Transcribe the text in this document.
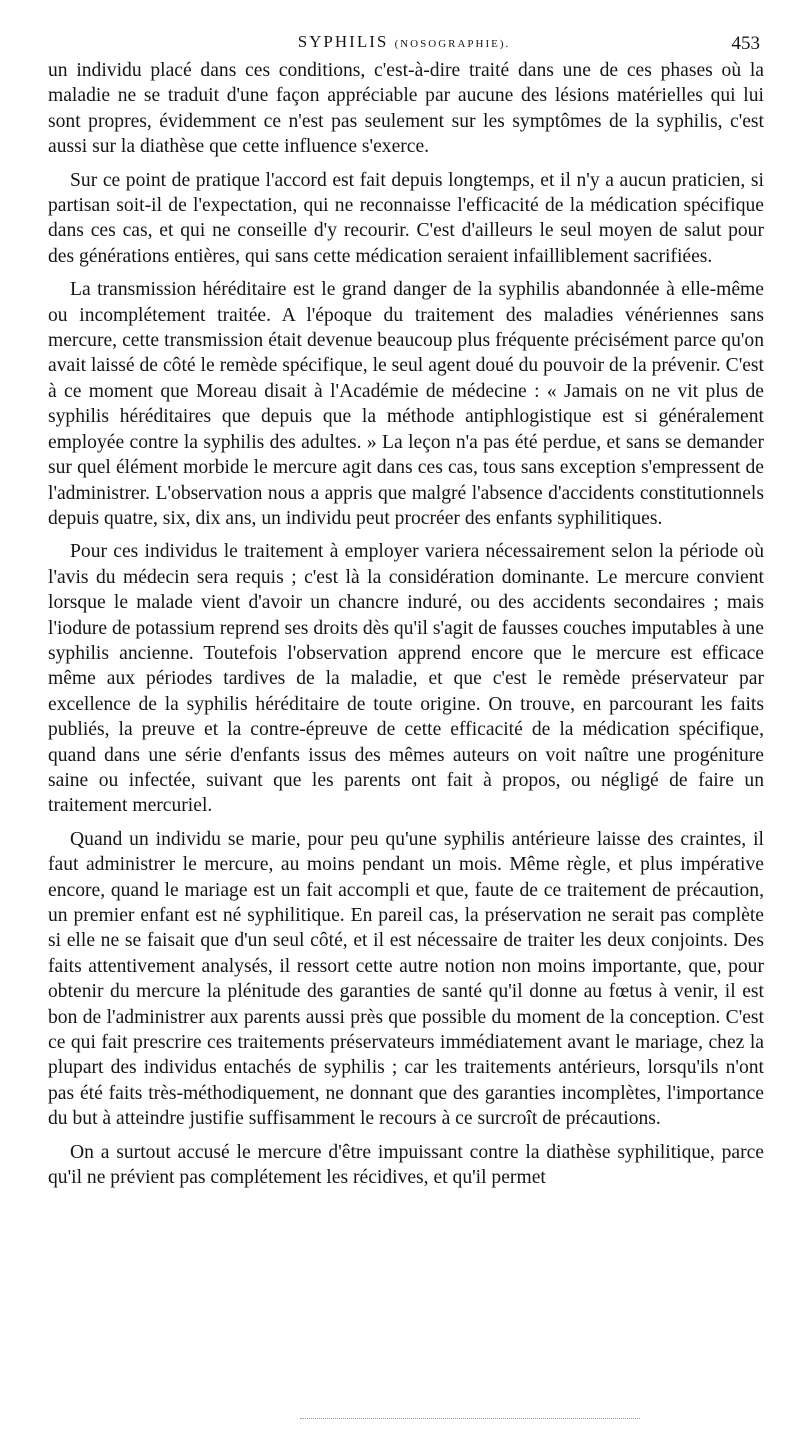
SYPHILIS (NOSOGRAPHIE).	453

un individu placé dans ces conditions, c'est-à-dire traité dans une de ces phases où la maladie ne se traduit d'une façon appréciable par aucune des lésions matérielles qui lui sont propres, évidemment ce n'est pas seulement sur les symptômes de la syphilis, c'est aussi sur la diathèse que cette influence s'exerce.

Sur ce point de pratique l'accord est fait depuis longtemps, et il n'y a aucun praticien, si partisan soit-il de l'expectation, qui ne reconnaisse l'efficacité de la médication spécifique dans ces cas, et qui ne conseille d'y recourir. C'est d'ailleurs le seul moyen de salut pour des générations entières, qui sans cette médication seraient infailliblement sacrifiées.

La transmission héréditaire est le grand danger de la syphilis abandonnée à elle-même ou incomplétement traitée. A l'époque du traitement des maladies vénériennes sans mercure, cette transmission était devenue beaucoup plus fréquente précisément parce qu'on avait laissé de côté le remède spécifique, le seul agent doué du pouvoir de la prévenir. C'est à ce moment que Moreau disait à l'Académie de médecine : « Jamais on ne vit plus de syphilis héréditaires que depuis que la méthode antiphlogistique est si généralement employée contre la syphilis des adultes. » La leçon n'a pas été perdue, et sans se demander sur quel élément morbide le mercure agit dans ces cas, tous sans exception s'empressent de l'administrer. L'observation nous a appris que malgré l'absence d'accidents constitutionnels depuis quatre, six, dix ans, un individu peut procréer des enfants syphilitiques.

Pour ces individus le traitement à employer variera nécessairement selon la période où l'avis du médecin sera requis ; c'est là la considération dominante. Le mercure convient lorsque le malade vient d'avoir un chancre induré, ou des accidents secondaires ; mais l'iodure de potassium reprend ses droits dès qu'il s'agit de fausses couches imputables à une syphilis ancienne. Toutefois l'observation apprend encore que le mercure est efficace même aux périodes tardives de la maladie, et que c'est le remède préservateur par excellence de la syphilis héréditaire de toute origine. On trouve, en parcourant les faits publiés, la preuve et la contre-épreuve de cette efficacité de la médication spécifique, quand dans une série d'enfants issus des mêmes auteurs on voit naître une progéniture saine ou infectée, suivant que les parents ont fait à propos, ou négligé de faire un traitement mercuriel.

Quand un individu se marie, pour peu qu'une syphilis antérieure laisse des craintes, il faut administrer le mercure, au moins pendant un mois. Même règle, et plus impérative encore, quand le mariage est un fait accompli et que, faute de ce traitement de précaution, un premier enfant est né syphilitique. En pareil cas, la préservation ne serait pas complète si elle ne se faisait que d'un seul côté, et il est nécessaire de traiter les deux conjoints. Des faits attentivement analysés, il ressort cette autre notion non moins importante, que, pour obtenir du mercure la plénitude des garanties de santé qu'il donne au fœtus à venir, il est bon de l'administrer aux parents aussi près que possible du moment de la conception. C'est ce qui fait prescrire ces traitements préservateurs immédiatement avant le mariage, chez la plupart des individus entachés de syphilis ; car les traitements antérieurs, lorsqu'ils n'ont pas été faits très-méthodiquement, ne donnant que des garanties incomplètes, l'importance du but à atteindre justifie suffisamment le recours à ce surcroît de précautions.

On a surtout accusé le mercure d'être impuissant contre la diathèse syphilitique, parce qu'il ne prévient pas complétement les récidives, et qu'il permet
